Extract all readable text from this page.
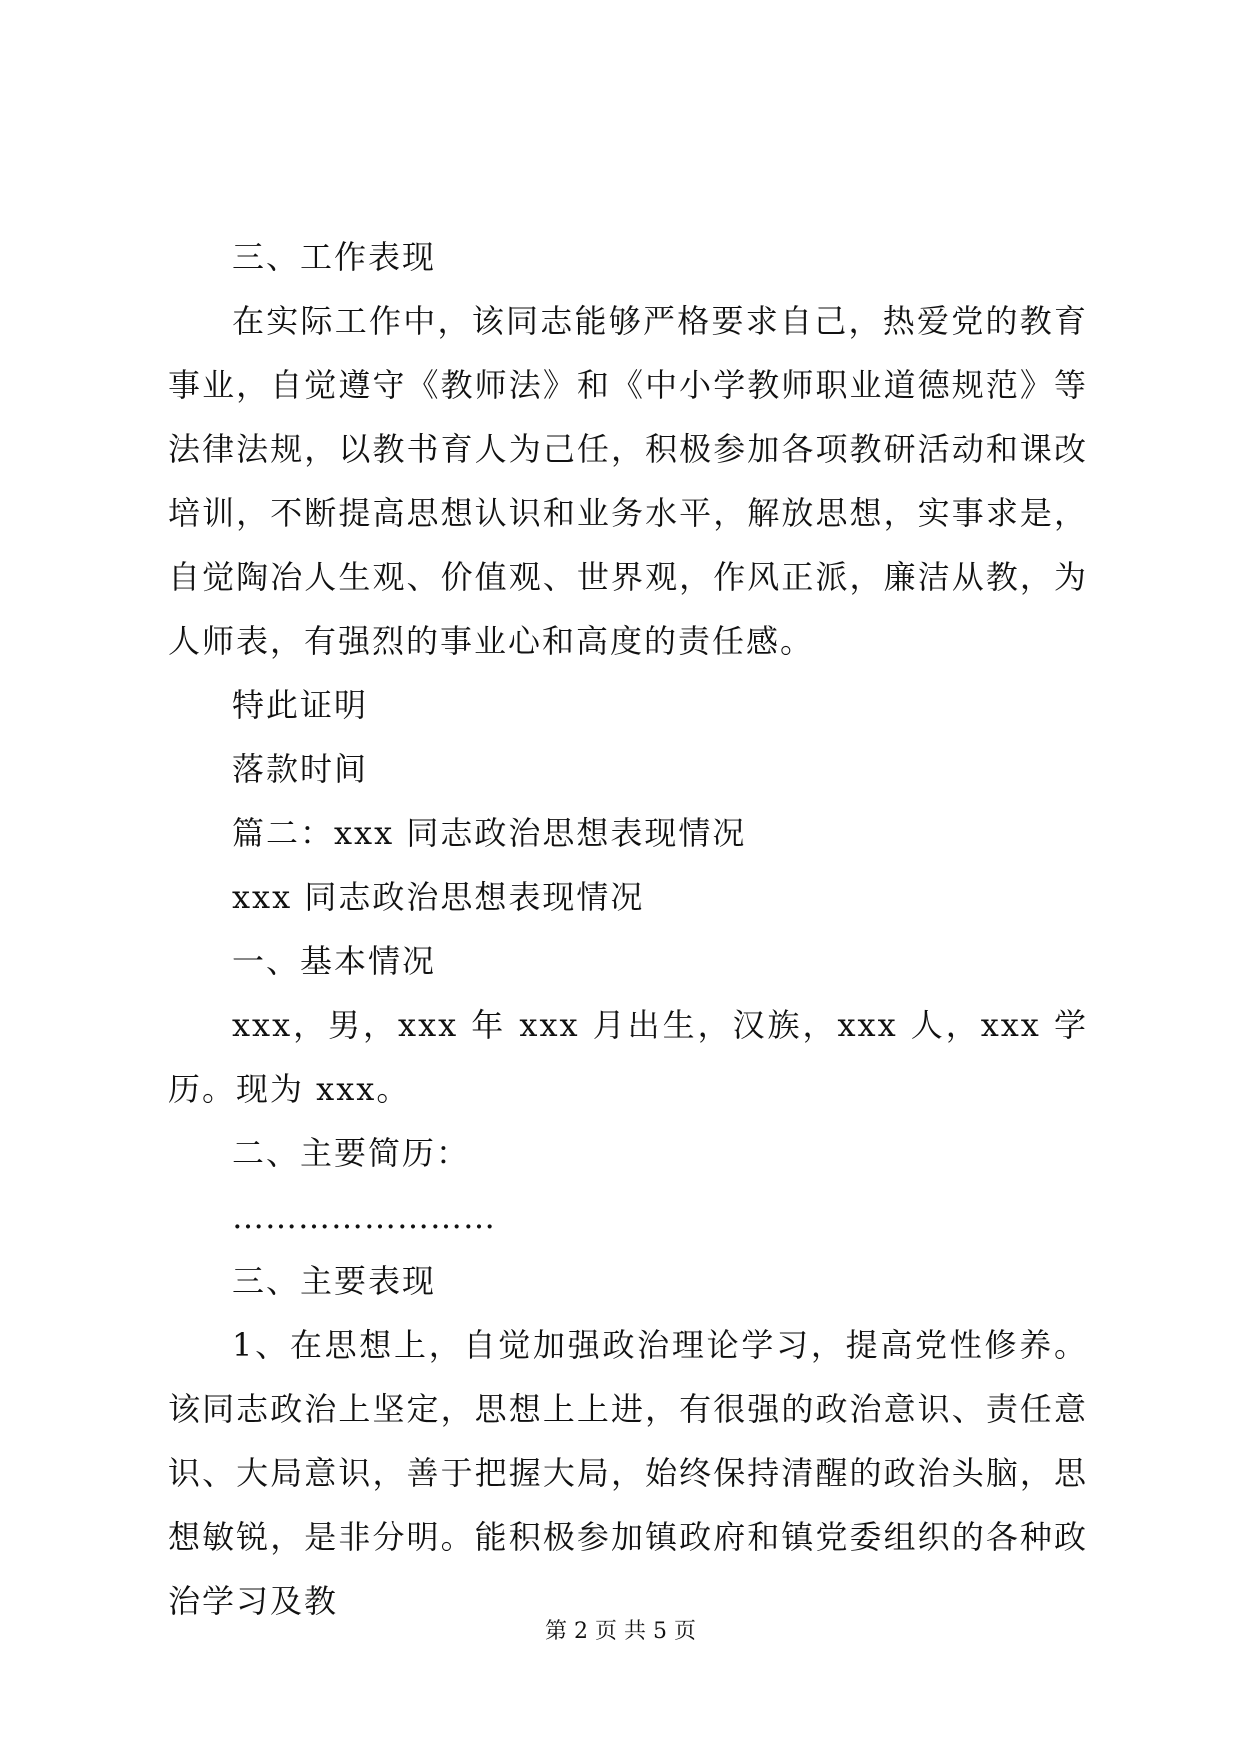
三、工作表现

在实际工作中，该同志能够严格要求自己，热爱党的教育事业，自觉遵守《教师法》和《中小学教师职业道德规范》等法律法规，以教书育人为己任，积极参加各项教研活动和课改培训，不断提高思想认识和业务水平，解放思想，实事求是，自觉陶冶人生观、价值观、世界观，作风正派，廉洁从教，为人师表，有强烈的事业心和高度的责任感。

特此证明

落款时间

篇二：xxx 同志政治思想表现情况

xxx 同志政治思想表现情况

一、基本情况

xxx，男，xxx 年 xxx 月出生，汉族，xxx 人，xxx 学历。现为 xxx。

二、主要简历：

……………………

三、主要表现

1、在思想上，自觉加强政治理论学习，提高党性修养。该同志政治上坚定，思想上上进，有很强的政治意识、责任意识、大局意识，善于把握大局，始终保持清醒的政治头脑，思想敏锐，是非分明。能积极参加镇政府和镇党委组织的各种政治学习及教

第 2 页 共 5 页
